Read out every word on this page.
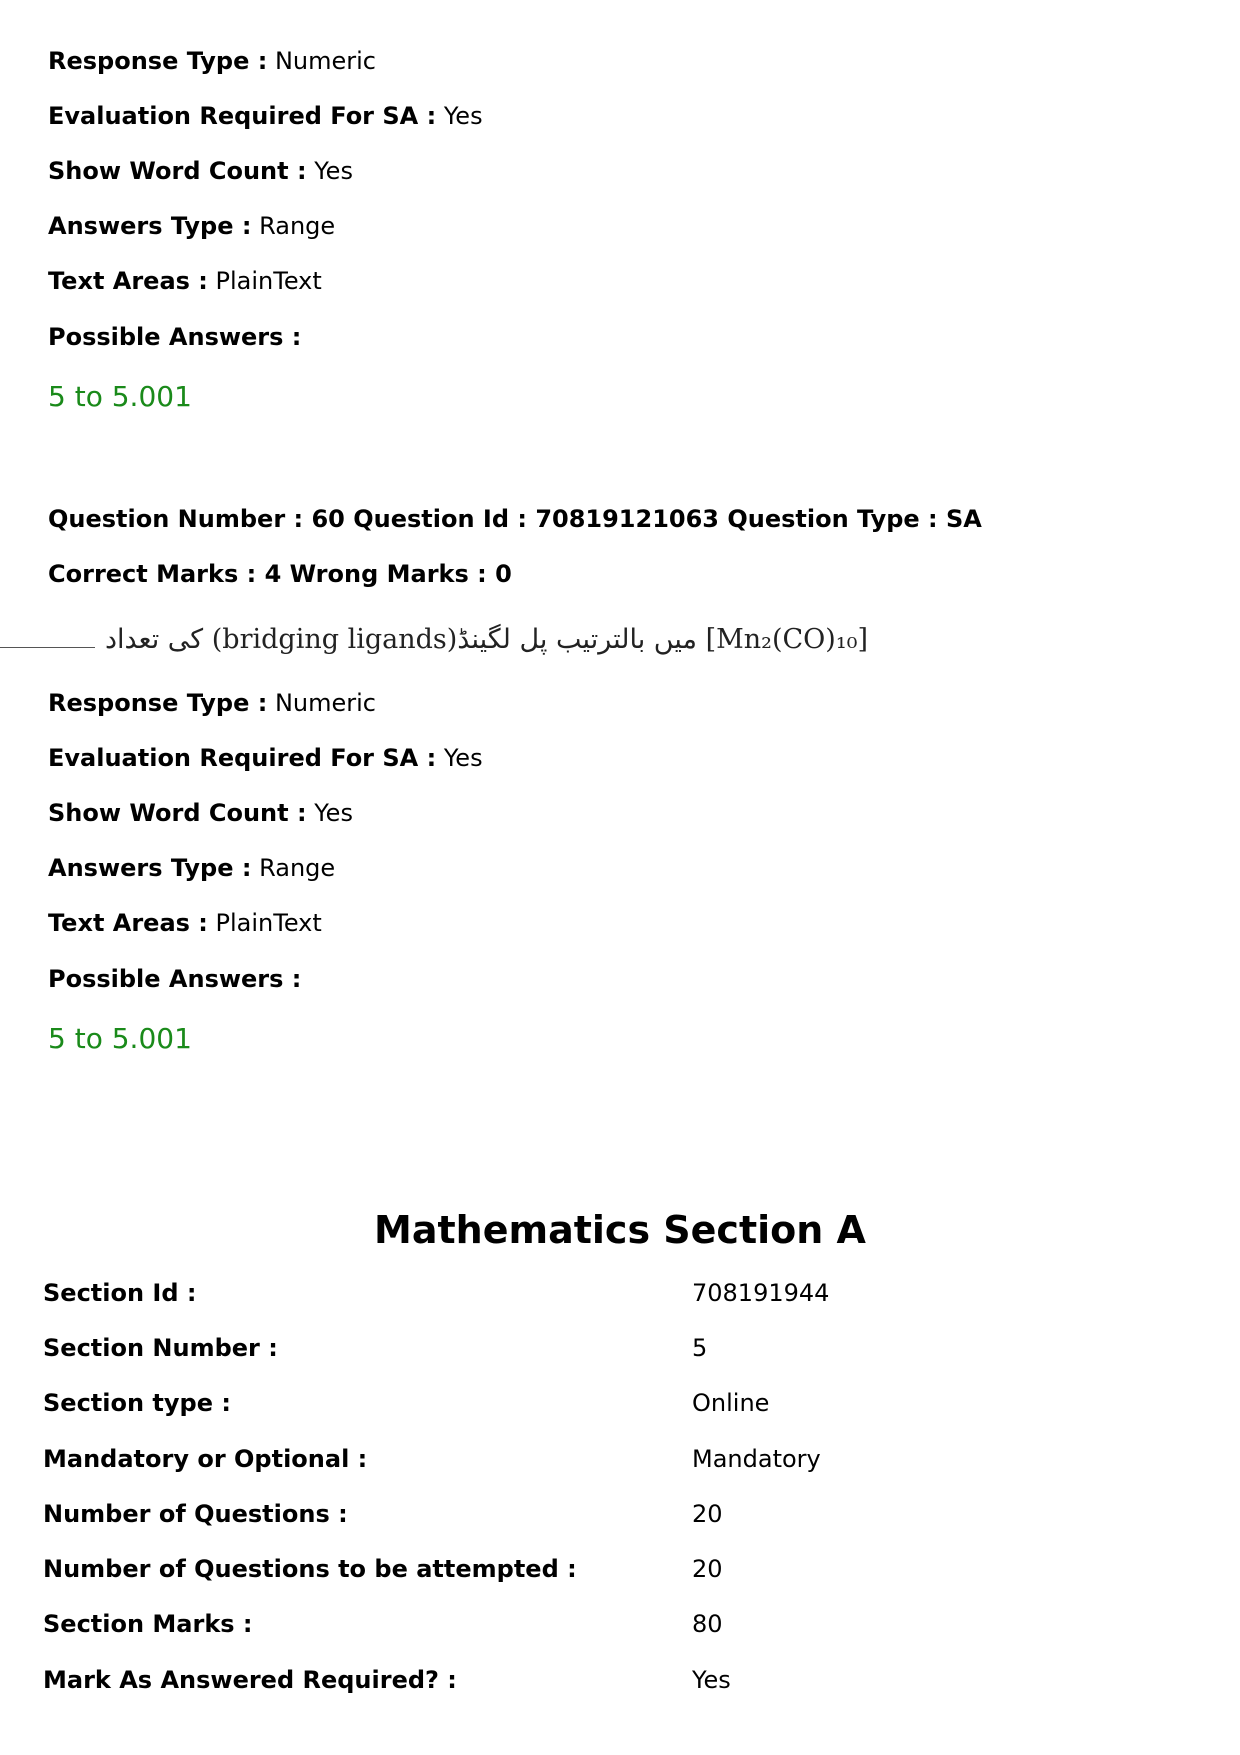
Response Type : Numeric
Evaluation Required For SA : Yes
Show Word Count : Yes
Answers Type : Range
Text Areas : PlainText
Possible Answers :
5 to 5.001
Question Number : 60 Question Id : 70819121063 Question Type : SA
Correct Marks : 4 Wrong Marks : 0
[Mn₂(CO)₁₀] میں بالترتیب پل لگینڈ(bridging ligands) کی تعداد
Response Type : Numeric
Evaluation Required For SA : Yes
Show Word Count : Yes
Answers Type : Range
Text Areas : PlainText
Possible Answers :
5 to 5.001
Mathematics Section A
Section Id :	708191944
Section Number :	5
Section type :	Online
Mandatory or Optional :	Mandatory
Number of Questions :	20
Number of Questions to be attempted :	20
Section Marks :	80
Mark As Answered Required? :	Yes
